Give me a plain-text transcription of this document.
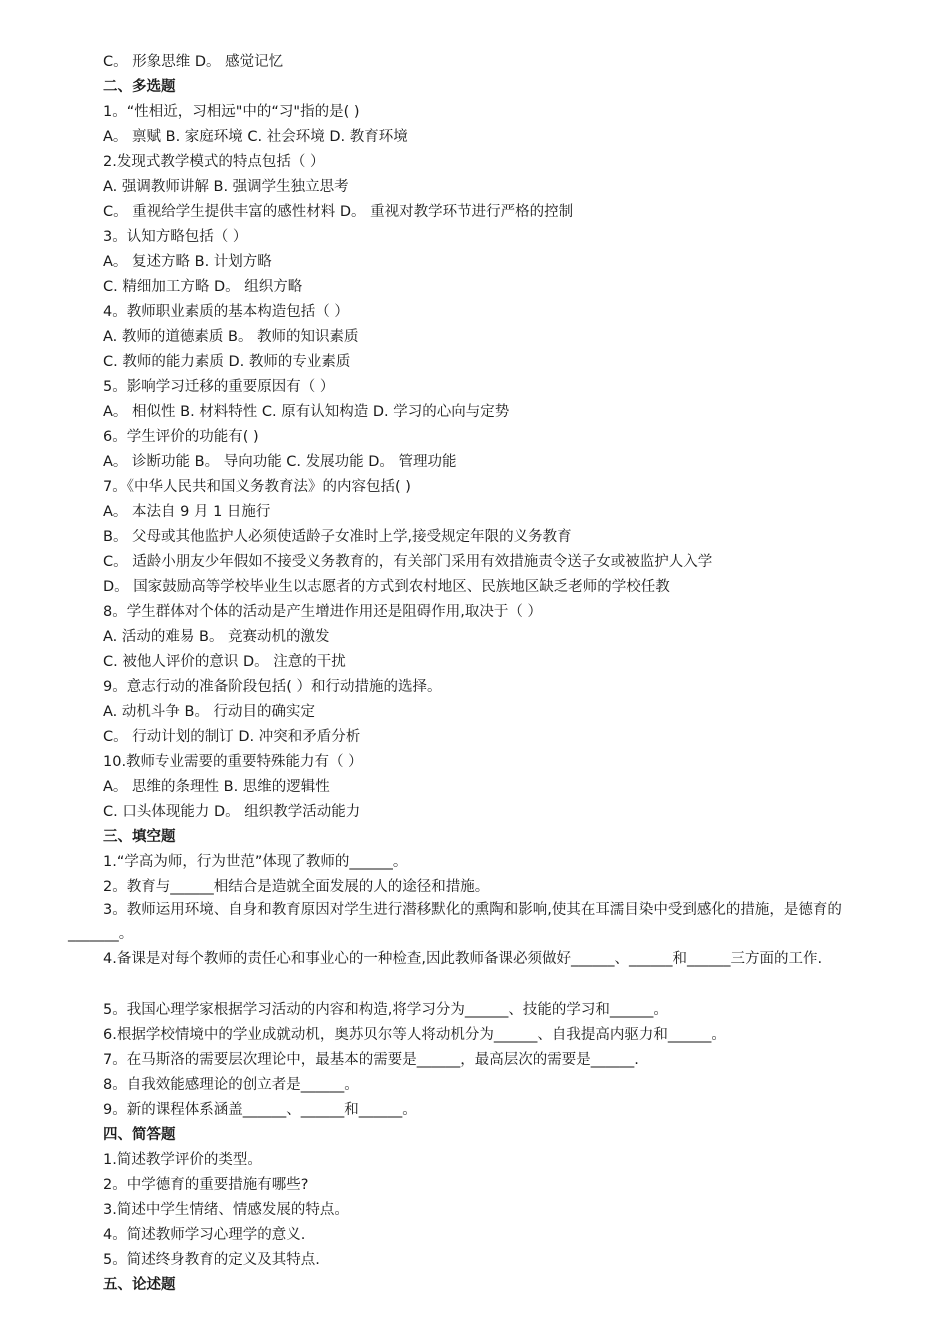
C。 形象思维 D。 感觉记忆
二、多选题
1。“性相近，习相远"中的“习"指的是( )
A。 禀赋 B. 家庭环境 C. 社会环境 D. 教育环境
2.发现式教学模式的特点包括（ ）
A. 强调教师讲解 B. 强调学生独立思考
C。 重视给学生提供丰富的感性材料 D。 重视对教学环节进行严格的控制
3。认知方略包括（ ）
A。 复述方略 B. 计划方略
C. 精细加工方略 D。 组织方略
4。教师职业素质的基本构造包括（ ）
A. 教师的道德素质 B。 教师的知识素质
C. 教师的能力素质 D. 教师的专业素质
5。影响学习迁移的重要原因有（ ）
A。 相似性 B. 材料特性 C. 原有认知构造 D. 学习的心向与定势
6。学生评价的功能有( )
A。 诊断功能 B。 导向功能 C. 发展功能 D。 管理功能
7。《中华人民共和国义务教育法》的内容包括( )
A。 本法自 9 月 1 日施行
B。 父母或其他监护人必须使适龄子女准时上学,接受规定年限的义务教育
C。 适龄小朋友少年假如不接受义务教育的，有关部门采用有效措施责令送子女或被监护人入学
D。 国家鼓励高等学校毕业生以志愿者的方式到农村地区、民族地区缺乏老师的学校任教
8。学生群体对个体的活动是产生增进作用还是阻碍作用,取决于（ ）
A. 活动的难易 B。 竞赛动机的激发
C. 被他人评价的意识 D。 注意的干扰
9。意志行动的准备阶段包括( ）和行动措施的选择。
A. 动机斗争 B。 行动目的确实定
C。 行动计划的制订 D. 冲突和矛盾分析
10.教师专业需要的重要特殊能力有（ ）
A。 思维的条理性 B. 思维的逻辑性
C. 口头体现能力 D。 组织教学活动能力
三、填空题
1.“学高为师，行为世范”体现了教师的______。
2。教育与______相结合是造就全面发展的人的途径和措施。
3。教师运用环境、自身和教育原因对学生进行潜移默化的熏陶和影响,使其在耳濡目染中受到感化的措施，是德育的_______。
4.备课是对每个教师的责任心和事业心的一种检查,因此教师备课必须做好______、______和______三方面的工作.
5。我国心理学家根据学习活动的内容和构造,将学习分为______、技能的学习和______。
6.根据学校情境中的学业成就动机，奥苏贝尔等人将动机分为______、自我提高内驱力和______。
7。在马斯洛的需要层次理论中，最基本的需要是______，最高层次的需要是______.
8。自我效能感理论的创立者是______。
9。新的课程体系涵盖______、______和______。
四、简答题
1.简述教学评价的类型。
2。中学德育的重要措施有哪些?
3.简述中学生情绪、情感发展的特点。
4。简述教师学习心理学的意义.
5。简述终身教育的定义及其特点.
五、论述题
